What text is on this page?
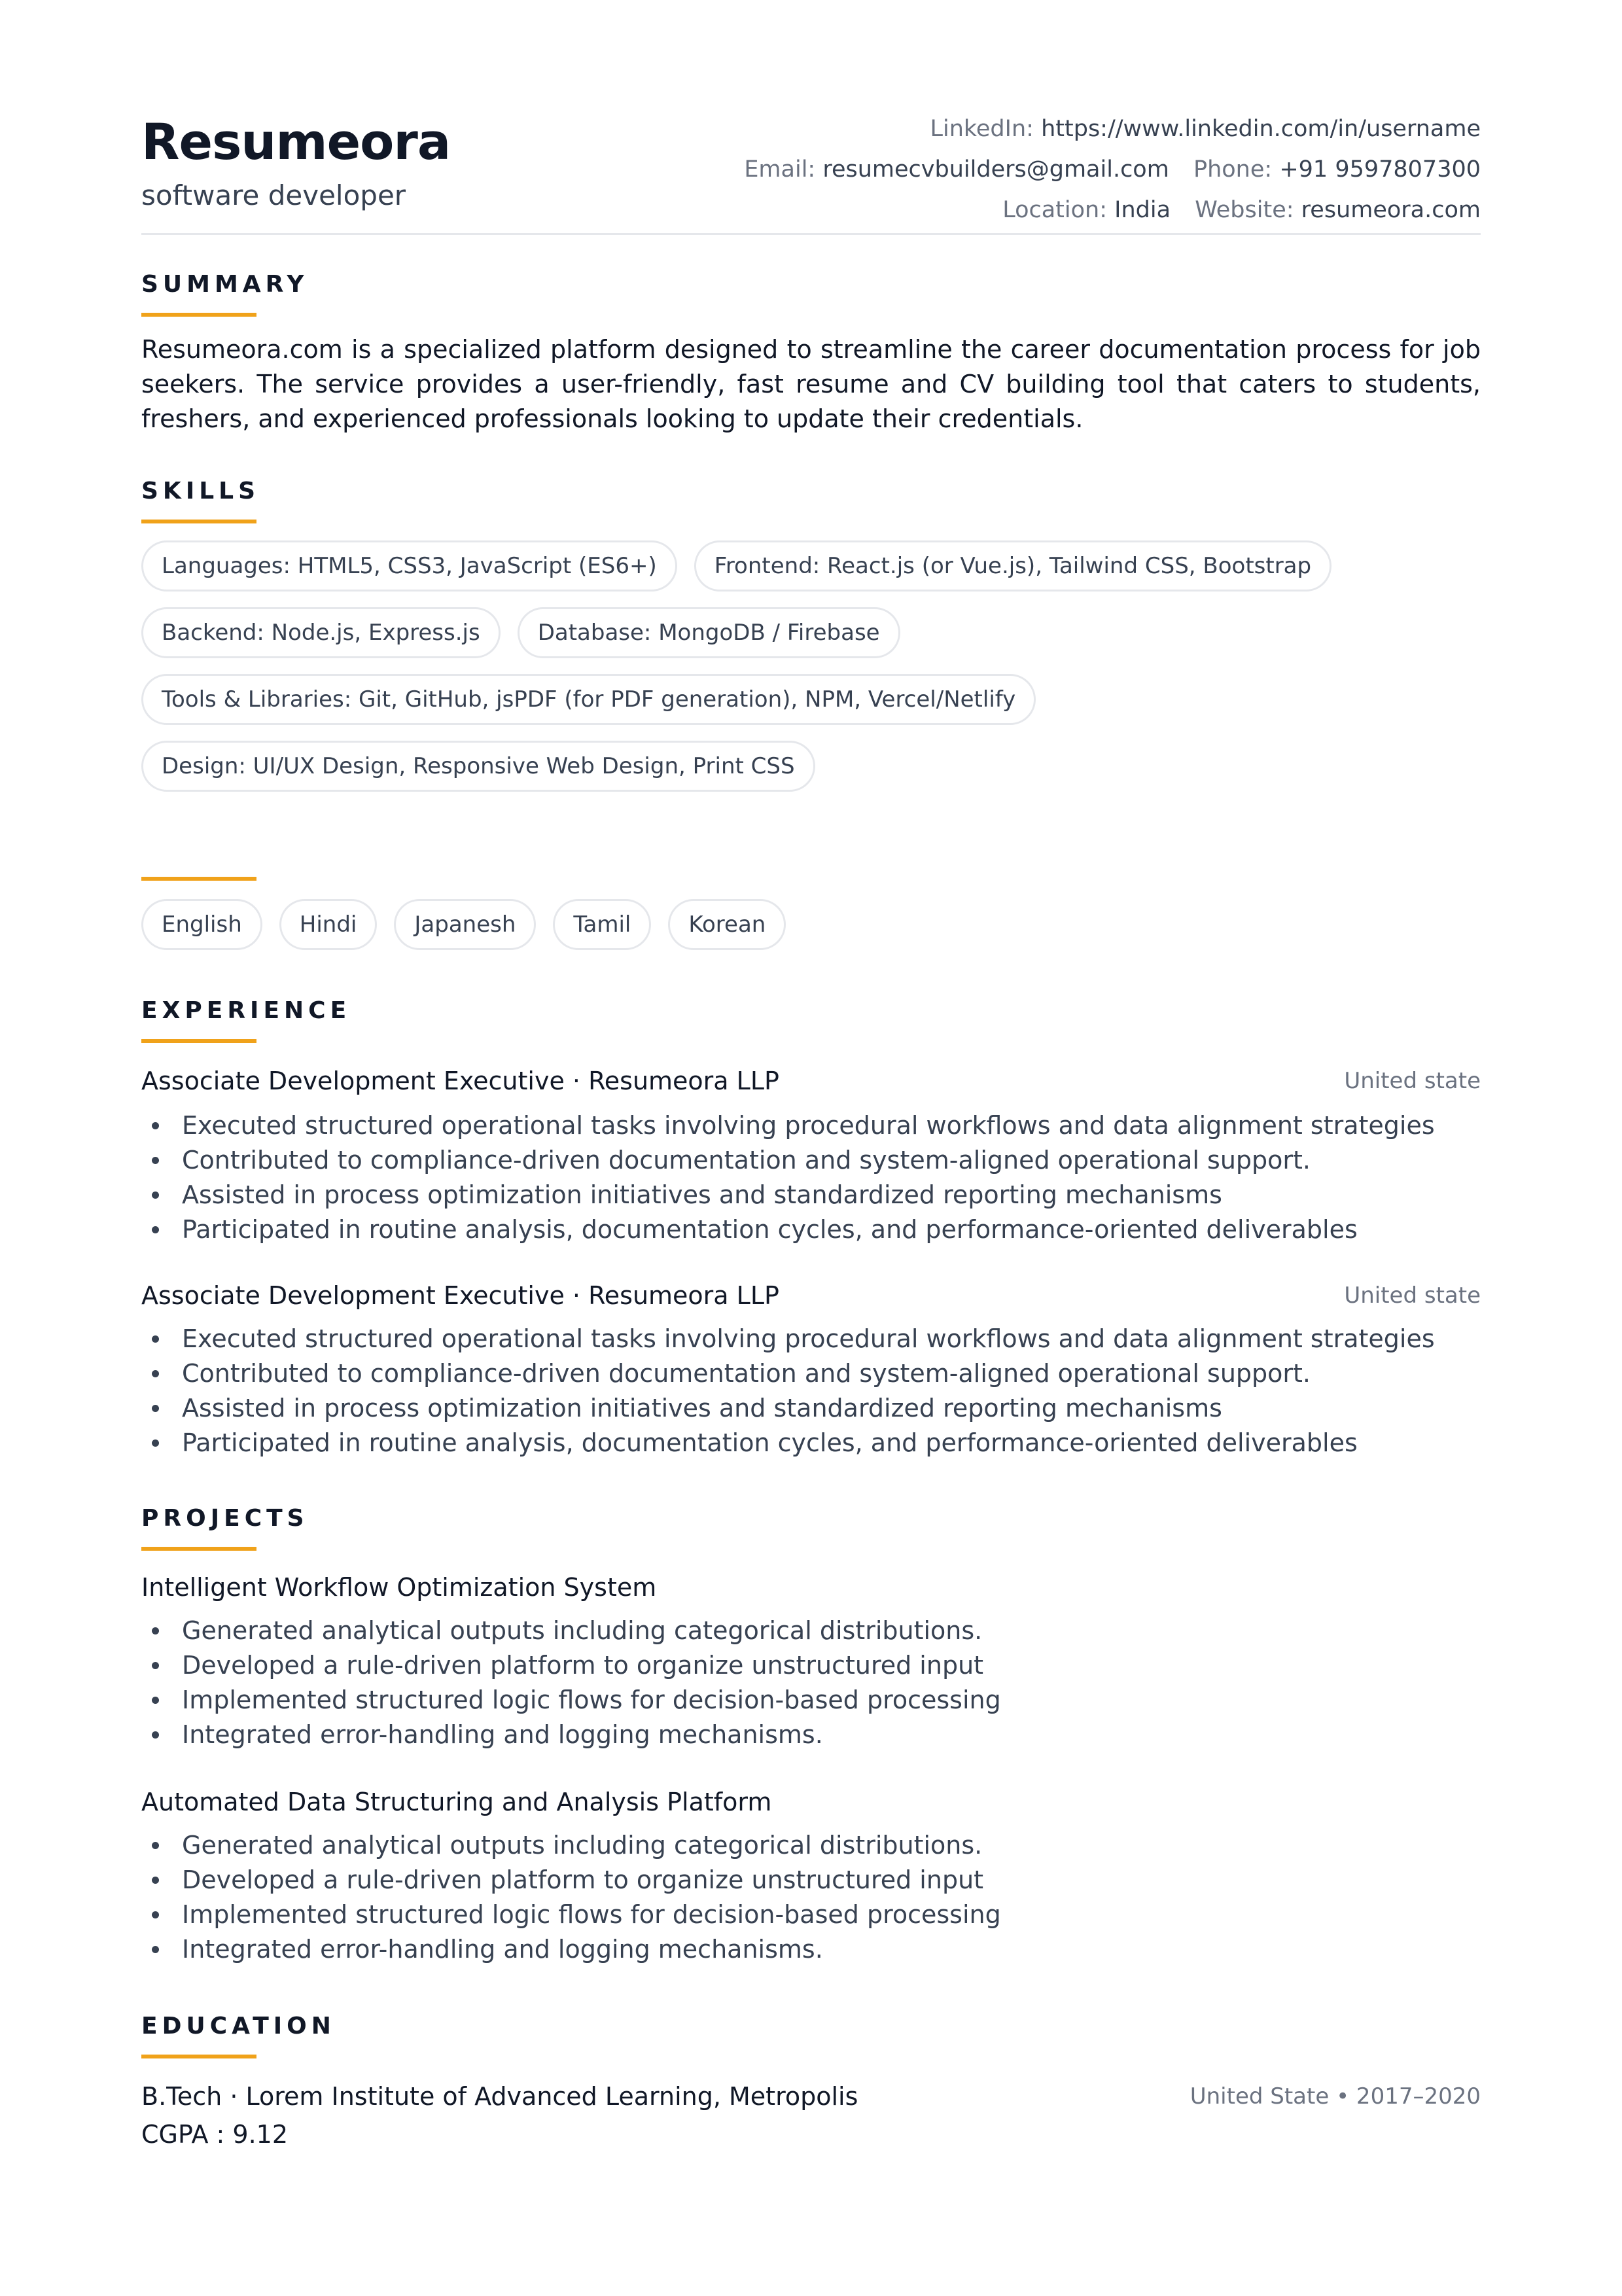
Resumeora
software developer
LinkedIn: https://www.linkedin.com/in/username
Email: resumecvbuilders@gmail.com Phone: +91 9597807300
Location: India Website: resumeora.com
SUMMARY

Resumeora.com is a specialized platform designed to streamline the career documentation process for job seekers. The service provides a user-friendly, fast resume and CV building tool that caters to students, freshers, and experienced professionals looking to update their credentials.

SKILLS
Languages: HTML5, CSS3, JavaScript (ES6+)	Frontend: React.js (or Vue.js), Tailwind CSS, Bootstrap
Backend: Node.js, Express.js	Database: MongoDB / Firebase
Tools & Libraries: Git, GitHub, jsPDF (for PDF generation), NPM, Vercel/Netlify
Design: UI/UX Design, Responsive Web Design, Print CSS
English	Hindi	Japanesh	Tamil	Korean
EXPERIENCE
Associate Development Executive · Resumeora LLP	United state
Executed structured operational tasks involving procedural workflows and data alignment strategies
Contributed to compliance-driven documentation and system-aligned operational support.
Assisted in process optimization initiatives and standardized reporting mechanisms
Participated in routine analysis, documentation cycles, and performance-oriented deliverables
Associate Development Executive · Resumeora LLP	United state
Executed structured operational tasks involving procedural workflows and data alignment strategies
Contributed to compliance-driven documentation and system-aligned operational support.
Assisted in process optimization initiatives and standardized reporting mechanisms
Participated in routine analysis, documentation cycles, and performance-oriented deliverables
PROJECTS
Intelligent Workflow Optimization System
Generated analytical outputs including categorical distributions.
Developed a rule-driven platform to organize unstructured input
Implemented structured logic flows for decision-based processing
Integrated error-handling and logging mechanisms.
Automated Data Structuring and Analysis Platform
Generated analytical outputs including categorical distributions.
Developed a rule-driven platform to organize unstructured input
Implemented structured logic flows for decision-based processing
Integrated error-handling and logging mechanisms.
EDUCATION
B.Tech · Lorem Institute of Advanced Learning, Metropolis	United State • 2017–2020
CGPA : 9.12
